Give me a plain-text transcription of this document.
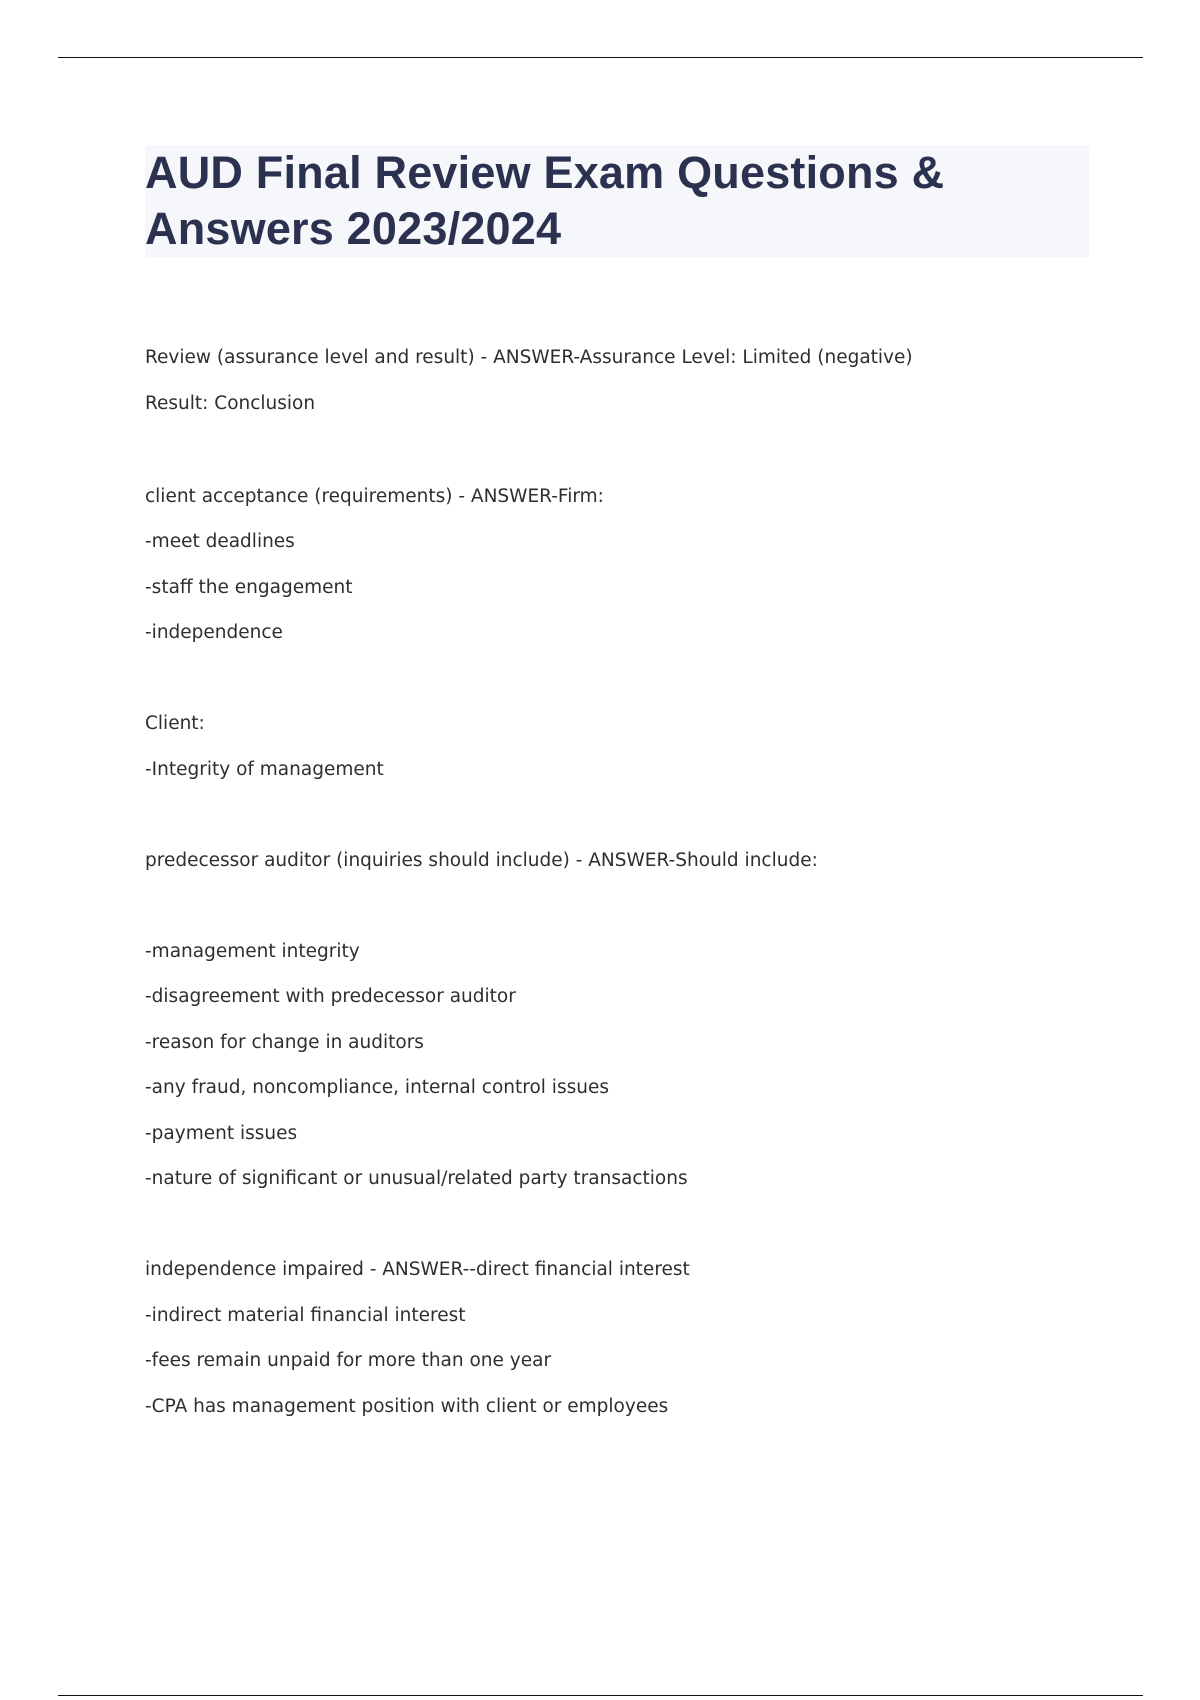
AUD Final Review Exam Questions & Answers 2023/2024
Review (assurance level and result) - ANSWER-Assurance Level: Limited (negative)
Result: Conclusion
client acceptance (requirements) - ANSWER-Firm:
-meet deadlines
-staff the engagement
-independence
Client:
-Integrity of management
predecessor auditor (inquiries should include) - ANSWER-Should include:
-management integrity
-disagreement with predecessor auditor
-reason for change in auditors
-any fraud, noncompliance, internal control issues
-payment issues
-nature of significant or unusual/related party transactions
independence impaired - ANSWER--direct financial interest
-indirect material financial interest
-fees remain unpaid for more than one year
-CPA has management position with client or employees
